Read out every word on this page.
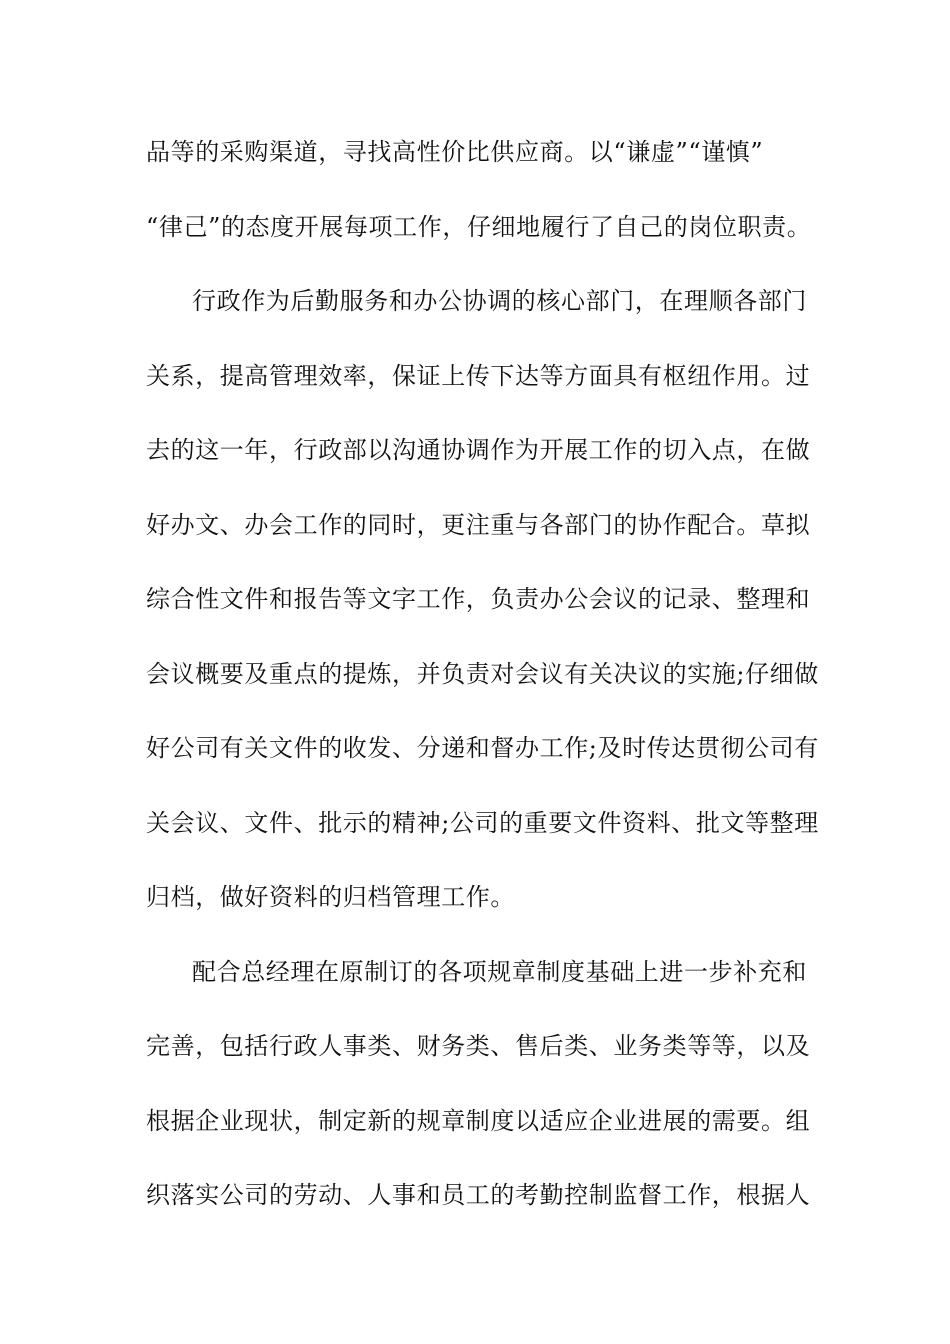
品等的采购渠道，寻找高性价比供应商。以“谦虚”“谨慎”
“律己”的态度开展每项工作，仔细地履行了自己的岗位职责。
行政作为后勤服务和办公协调的核心部门，在理顺各部门
关系，提高管理效率，保证上传下达等方面具有枢纽作用。过
去的这一年，行政部以沟通协调作为开展工作的切入点，在做
好办文、办会工作的同时，更注重与各部门的协作配合。草拟
综合性文件和报告等文字工作，负责办公会议的记录、整理和
会议概要及重点的提炼，并负责对会议有关决议的实施;仔细做
好公司有关文件的收发、分递和督办工作;及时传达贯彻公司有
关会议、文件、批示的精神;公司的重要文件资料、批文等整理
归档，做好资料的归档管理工作。
配合总经理在原制订的各项规章制度基础上进一步补充和
完善，包括行政人事类、财务类、售后类、业务类等等，以及
根据企业现状，制定新的规章制度以适应企业进展的需要。组
织落实公司的劳动、人事和员工的考勤控制监督工作，根据人
